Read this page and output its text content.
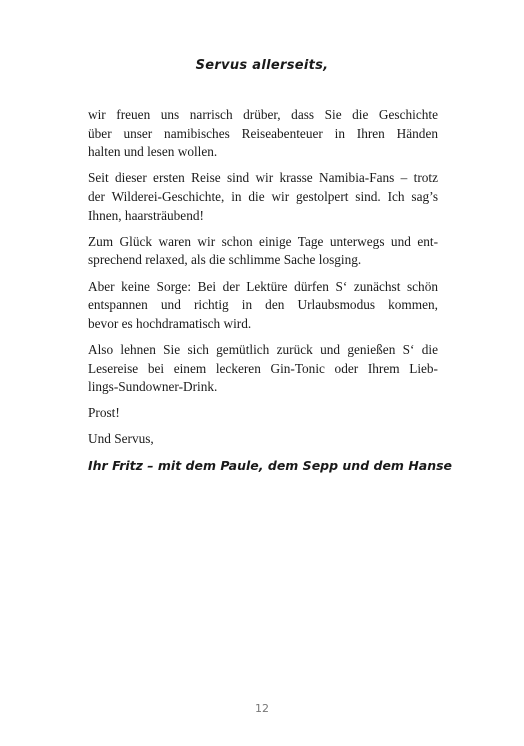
Servus allerseits,

wir freuen uns narrisch drüber, dass Sie die Geschichte
über unser namibisches Reiseabenteuer in Ihren Händen
halten und lesen wollen.

Seit dieser ersten Reise sind wir krasse Namibia-Fans – trotz
der Wilderei-Geschichte, in die wir gestolpert sind. Ich sag’s
Ihnen, haarsträubend!

Zum Glück waren wir schon einige Tage unterwegs und ent-
sprechend relaxed, als die schlimme Sache losging.

Aber keine Sorge: Bei der Lektüre dürfen S‘ zunächst schön
entspannen und richtig in den Urlaubsmodus kommen,
bevor es hochdramatisch wird.

Also lehnen Sie sich gemütlich zurück und genießen S‘ die
Lesereise bei einem leckeren Gin-Tonic oder Ihrem Lieb-
lings-Sundowner-Drink.

Prost!

Und Servus,

Ihr Fritz – mit dem Paule, dem Sepp und dem Hanse
12
